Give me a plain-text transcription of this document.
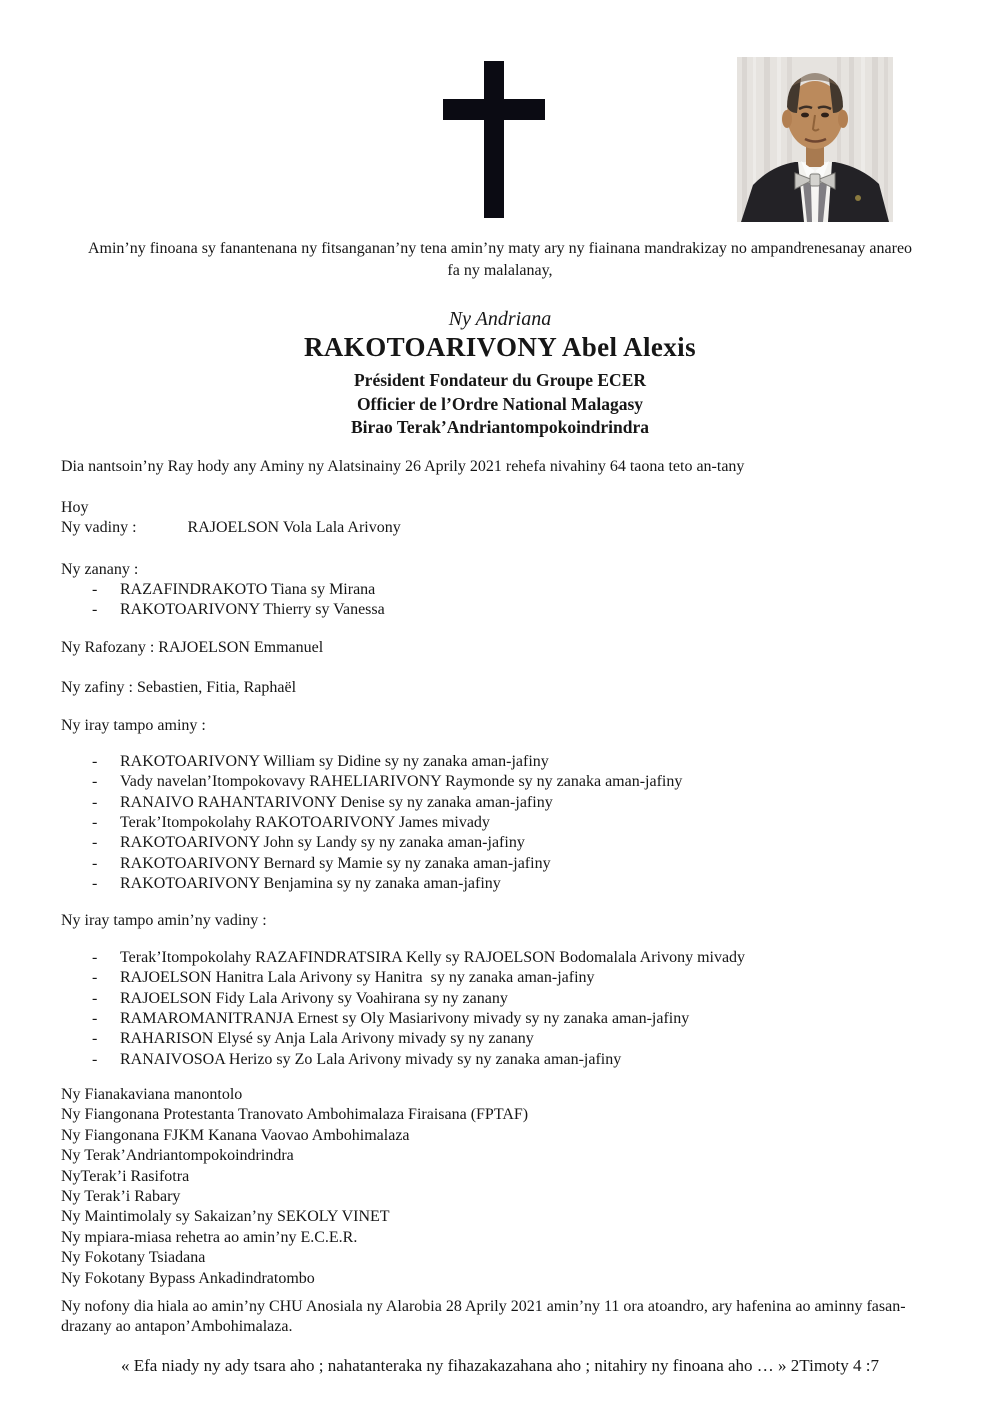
Amin’ny finoana sy fanantenana ny fitsanganan’ny tena amin’ny maty ary ny fiainana mandrakizay no ampandrenesanay anareo fa ny malalanay,

Ny Andriana

RAKOTOARIVONY Abel Alexis

Président Fondateur du Groupe ECER

Officier de l’Ordre National Malagasy

Birao Terak’Andriantompokoindrindra

Dia nantsoin’ny Ray hody any Aminy ny Alatsinainy 26 Aprily 2021 rehefa nivahiny 64 taona teto an-tany

Hoy
Ny vadiny :	RAJOELSON Vola Lala Arivony
Ny zanany :
-	RAZAFINDRAKOTO Tiana sy Mirana
-	RAKOTOARIVONY Thierry sy Vanessa
Ny Rafozany : RAJOELSON Emmanuel
Ny zafiny : Sebastien, Fitia, Raphaël
Ny iray tampo aminy :
-	RAKOTOARIVONY William sy Didine sy ny zanaka aman-jafiny
-	Vady navelan’Itompokovavy RAHELIARIVONY Raymonde sy ny zanaka aman-jafiny
-	RANAIVO RAHANTARIVONY Denise sy ny zanaka aman-jafiny
-	Terak’Itompokolahy RAKOTOARIVONY James mivady
-	RAKOTOARIVONY John sy Landy sy ny zanaka aman-jafiny
-	RAKOTOARIVONY Bernard sy Mamie sy ny zanaka aman-jafiny
-	RAKOTOARIVONY Benjamina sy ny zanaka aman-jafiny
Ny iray tampo amin’ny vadiny :
-	Terak’Itompokolahy RAZAFINDRATSIRA Kelly sy RAJOELSON Bodomalala Arivony mivady
-	RAJOELSON Hanitra Lala Arivony sy Hanitra  sy ny zanaka aman-jafiny
-	RAJOELSON Fidy Lala Arivony sy Voahirana sy ny zanany
-	RAMAROMANITRANJA Ernest sy Oly Masiarivony mivady sy ny zanaka aman-jafiny
-	RAHARISON Elysé sy Anja Lala Arivony mivady sy ny zanany
-	RANAIVOSOA Herizo sy Zo Lala Arivony mivady sy ny zanaka aman-jafiny
Ny Fianakaviana manontolo
Ny Fiangonana Protestanta Tranovato Ambohimalaza Firaisana (FPTAF)
Ny Fiangonana FJKM Kanana Vaovao Ambohimalaza
Ny Terak’Andriantompokoindrindra
NyTerak’i Rasifotra
Ny Terak’i Rabary
Ny Maintimolaly sy Sakaizan’ny SEKOLY VINET
Ny mpiara-miasa rehetra ao amin’ny E.C.E.R.
Ny Fokotany Tsiadana
Ny Fokotany Bypass Ankadindratombo

Ny nofony dia hiala ao amin’ny CHU Anosiala ny Alarobia 28 Aprily 2021 amin’ny 11 ora atoandro, ary hafenina ao aminny fasan-drazany ao antapon’Ambohimalaza.

« Efa niady ny ady tsara aho ; nahatanteraka ny fihazakazahana aho ; nitahiry ny finoana aho … » 2Timoty 4 :7
